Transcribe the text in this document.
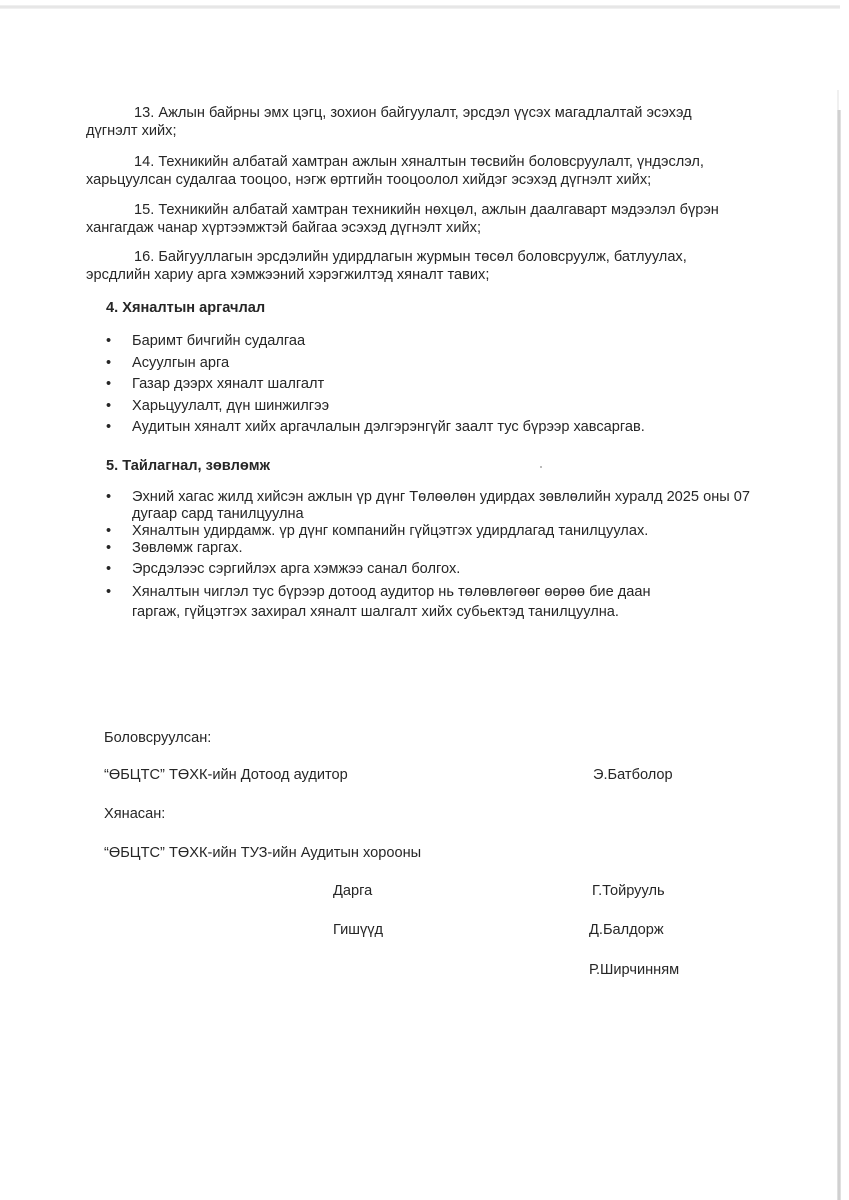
13. Ажлын байрны эмх цэгц, зохион байгуулалт, эрсдэл үүсэх магадлалтай эсэхэд
дүгнэлт хийх;
14. Техникийн албатай хамтран ажлын хяналтын төсвийн боловсруулалт, үндэслэл,
харьцуулсан судалгаа тооцоо, нэгж өртгийн тооцоолол хийдэг эсэхэд дүгнэлт хийх;
15. Техникийн албатай хамтран техникийн нөхцөл, ажлын даалгаварт мэдээлэл бүрэн
хангагдаж чанар хүртээмжтэй байгаа эсэхэд дүгнэлт хийх;
16. Байгууллагын эрсдэлийн удирдлагын журмын төсөл боловсруулж, батлуулах,
эрсдлийн хариу арга хэмжээний хэрэгжилтэд хяналт тавих;
4. Хяналтын аргачлал
• Баримт бичгийн судалгаа
• Асуулгын арга
• Газар дээрх хяналт шалгалт
• Харьцуулалт, дүн шинжилгээ
• Аудитын хяналт хийх аргачлалын дэлгэрэнгүйг заалт тус бүрээр хавсаргав.
5. Тайлагнал, зөвлөмж
• Эхний хагас жилд хийсэн ажлын үр дүнг Төлөөлөн удирдах зөвлөлийн хуралд 2025 оны 07 дугаар сард танилцуулна
• Хяналтын удирдамж. үр дүнг компанийн гүйцэтгэх удирдлагад танилцуулах.
• Зөвлөмж гаргах.
• Эрсдэлээс сэргийлэх арга хэмжээ санал болгох.
• Хяналтын чиглэл тус бүрээр дотоод аудитор нь төлөвлөгөөг өөрөө бие даан гаргаж, гүйцэтгэх захирал хяналт шалгалт хийх субьектэд танилцуулна.
Боловсруулсан:
“ӨБЦТС” ТӨХК-ийн Дотоод аудитор	Э.Батболор
Хянасан:
“ӨБЦТС” ТӨХК-ийн ТУЗ-ийн Аудитын хорооны
Дарга	Г.Тойрууль
Гишүүд	Д.Балдорж
Р.Ширчинням
